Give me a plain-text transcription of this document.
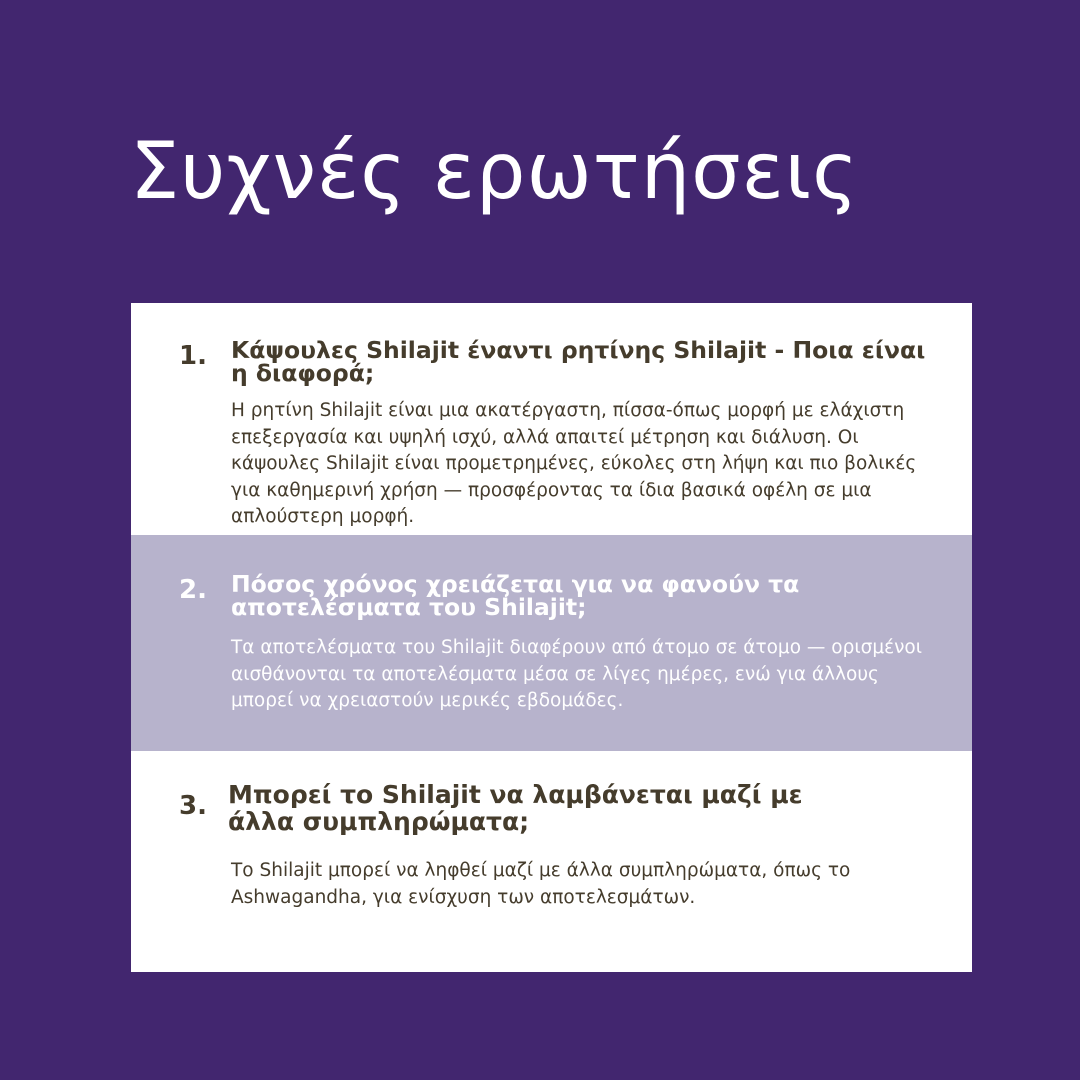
Συχνές ερωτήσεις
1. Κάψουλες Shilajit έναντι ρητίνης Shilajit - Ποια είναι η διαφορά;

Η ρητίνη Shilajit είναι μια ακατέργαστη, πίσσα-όπως μορφή με ελάχιστη επεξεργασία και υψηλή ισχύ, αλλά απαιτεί μέτρηση και διάλυση. Οι κάψουλες Shilajit είναι προμετρημένες, εύκολες στη λήψη και πιο βολικές για καθημερινή χρήση — προσφέροντας τα ίδια βασικά οφέλη σε μια απλούστερη μορφή.

2. Πόσος χρόνος χρειάζεται για να φανούν τα αποτελέσματα του Shilajit;

Τα αποτελέσματα του Shilajit διαφέρουν από άτομο σε άτομο — ορισμένοι αισθάνονται τα αποτελέσματα μέσα σε λίγες ημέρες, ενώ για άλλους μπορεί να χρειαστούν μερικές εβδομάδες.

3. Μπορεί το Shilajit να λαμβάνεται μαζί με άλλα συμπληρώματα;

Το Shilajit μπορεί να ληφθεί μαζί με άλλα συμπληρώματα, όπως το Ashwagandha, για ενίσχυση των αποτελεσμάτων.
